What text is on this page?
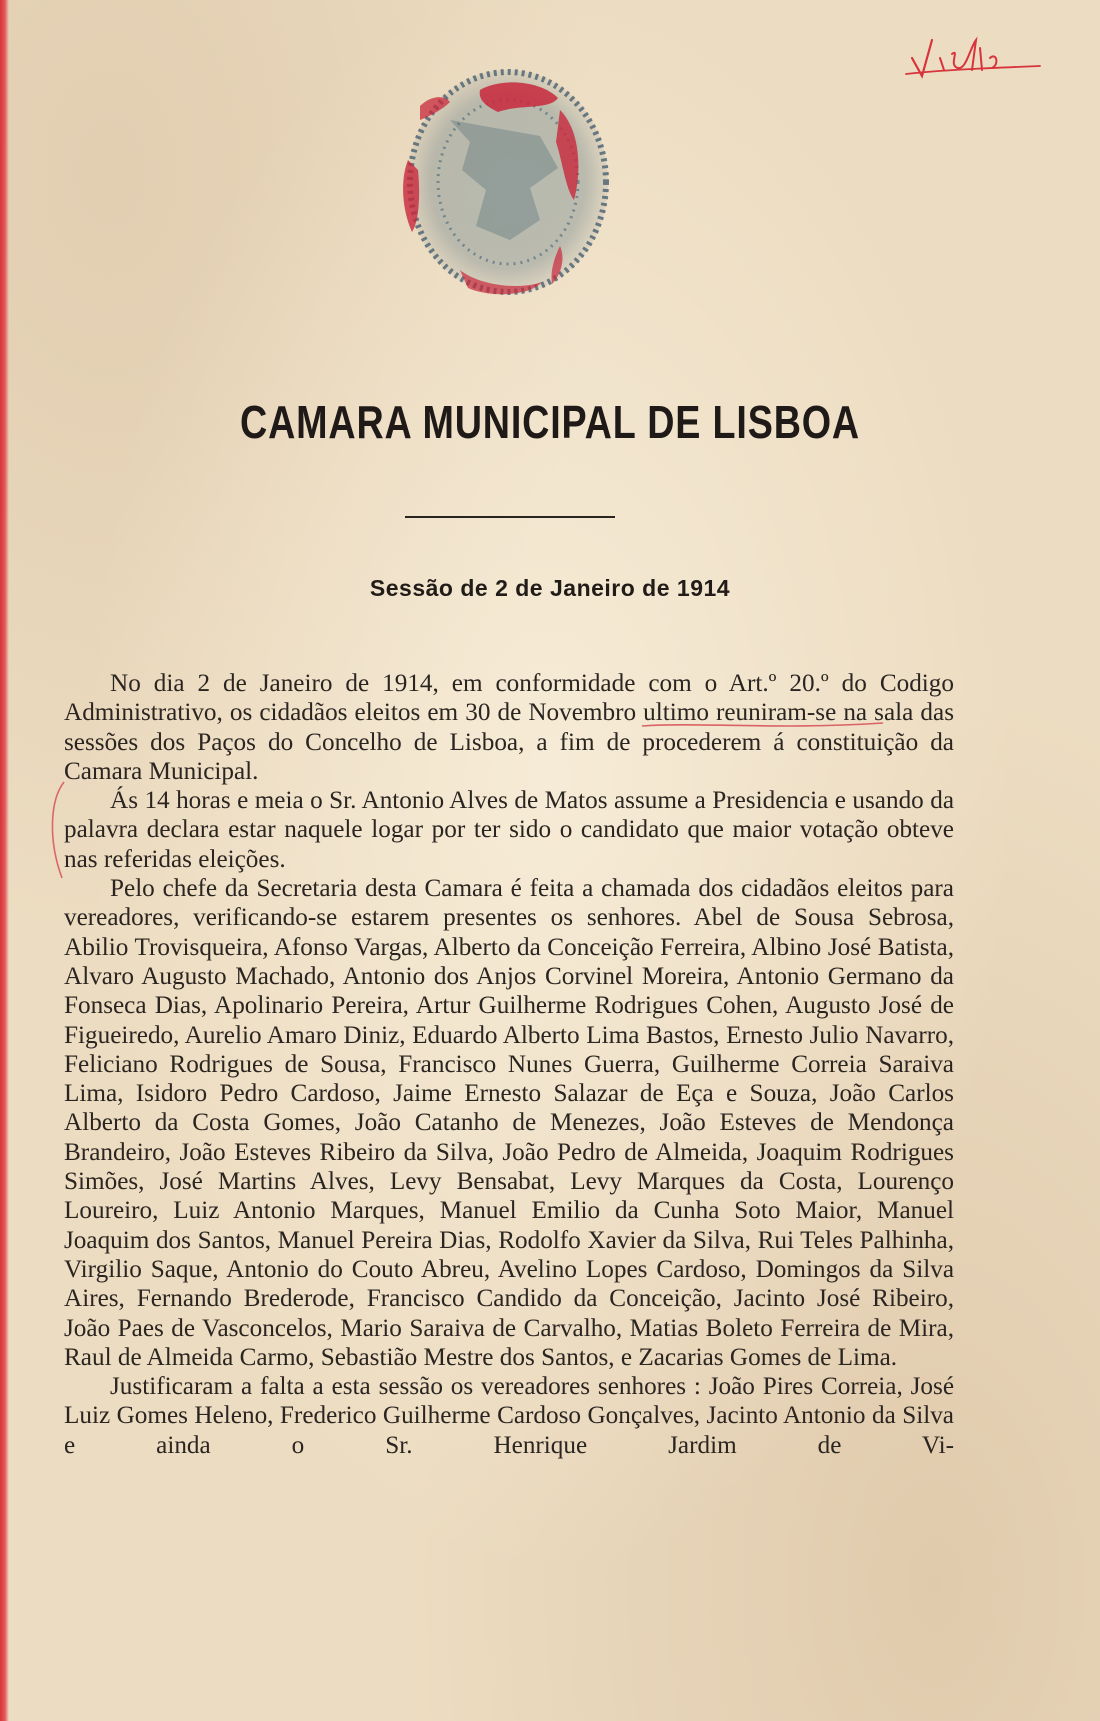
CAMARA MUNICIPAL DE LISBOA
Sessão de 2 de Janeiro de 1914

No dia 2 de Janeiro de 1914, em conformidade com o Art.º 20.º do Codigo Administrativo, os cidadãos eleitos em 30 de Novembro ultimo reuniram-se na sala das sessões dos Paços do Concelho de Lisboa, a fim de procederem á constituição da Camara Municipal.

Ás 14 horas e meia o Sr. Antonio Alves de Matos assume a Presidencia e usando da palavra declara estar naquele logar por ter sido o candidato que maior votação obteve nas referidas eleições.

Pelo chefe da Secretaria desta Camara é feita a chamada dos cidadãos eleitos para vereadores, verificando-se estarem presentes os senhores. Abel de Sousa Sebrosa, Abilio Trovisqueira, Afonso Vargas, Alberto da Conceição Ferreira, Albino José Batista, Alvaro Augusto Machado, Antonio dos Anjos Corvinel Moreira, Antonio Germano da Fonseca Dias, Apolinario Pereira, Artur Guilherme Rodrigues Cohen, Augusto José de Figueiredo, Aurelio Amaro Diniz, Eduardo Alberto Lima Bastos, Ernesto Julio Navarro, Feliciano Rodrigues de Sousa, Francisco Nunes Guerra, Guilherme Correia Saraiva Lima, Isidoro Pedro Cardoso, Jaime Ernesto Salazar de Eça e Souza, João Carlos Alberto da Costa Gomes, João Catanho de Menezes, João Esteves de Mendonça Brandeiro, João Esteves Ribeiro da Silva, João Pedro de Almeida, Joaquim Rodrigues Simões, José Martins Alves, Levy Bensabat, Levy Marques da Costa, Lourenço Loureiro, Luiz Antonio Marques, Manuel Emilio da Cunha Soto Maior, Manuel Joaquim dos Santos, Manuel Pereira Dias, Rodolfo Xavier da Silva, Rui Teles Palhinha, Virgilio Saque, Antonio do Couto Abreu, Avelino Lopes Cardoso, Domingos da Silva Aires, Fernando Brederode, Francisco Candido da Conceição, Jacinto José Ribeiro, João Paes de Vasconcelos, Mario Saraiva de Carvalho, Matias Boleto Ferreira de Mira, Raul de Almeida Carmo, Sebastião Mestre dos Santos, e Zacarias Gomes de Lima.

Justificaram a falta a esta sessão os vereadores senhores : João Pires Correia, José Luiz Gomes Heleno, Frederico Guilherme Cardoso Gonçalves, Jacinto Antonio da Silva e ainda o Sr. Henrique Jardim de Vi-
